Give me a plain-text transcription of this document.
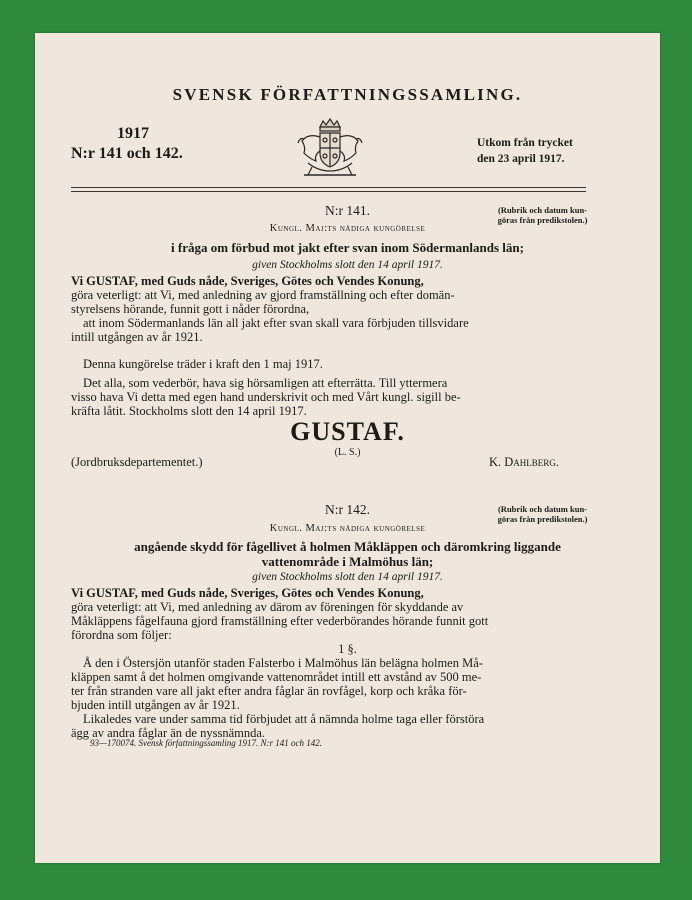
SVENSK FÖRFATTNINGSSAMLING.
1917
N:r 141 och 142.
Utkom från trycket
den 23 april 1917.
N:r 141.	(Rubrik och datum kun-
göras från predikstolen.)
Kungl. Maj:ts nådiga kungörelse
i fråga om förbud mot jakt efter svan inom Södermanlands län;
given Stockholms slott den 14 april 1917.
Vi GUSTAF, med Guds nåde, Sveriges, Götes och Vendes Konung,
göra veterligt: att Vi, med anledning av gjord framställning och efter domän-
styrelsens hörande, funnit gott i nåder förordna,
att inom Södermanlands län all jakt efter svan skall vara förbjuden tillsvidare
intill utgången av år 1921.
Denna kungörelse träder i kraft den 1 maj 1917.
Det alla, som vederbör, hava sig hörsamligen att efterrätta. Till yttermera
visso hava Vi detta med egen hand underskrivit och med Vårt kungl. sigill be-
kräfta låtit. Stockholms slott den 14 april 1917.
GUSTAF.
(L. S.)
(Jordbruksdepartementet.)	K. Dahlberg.
N:r 142.	(Rubrik och datum kun-
göras från predikstolen.)
Kungl. Maj:ts nådiga kungörelse
angående skydd för fågellivet å holmen Måkläppen och däromkring liggande
vattenområde i Malmöhus län;
given Stockholms slott den 14 april 1917.
Vi GUSTAF, med Guds nåde, Sveriges, Götes och Vendes Konung,
göra veterligt: att Vi, med anledning av därom av föreningen för skyddande av
Måkläppens fågelfauna gjord framställning efter vederbörandes hörande funnit gott
förordna som följer:
1 §.
Å den i Östersjön utanför staden Falsterbo i Malmöhus län belägna holmen Må-
kläppen samt å det holmen omgivande vattenområdet intill ett avstånd av 500 me-
ter från stranden vare all jakt efter andra fåglar än rovfågel, korp och kråka för-
bjuden intill utgången av år 1921.
Likaledes vare under samma tid förbjudet att å nämnda holme taga eller förstöra
ägg av andra fåglar än de nyssnämnda.
93—170074. Svensk författningssamling 1917. N:r 141 och 142.
